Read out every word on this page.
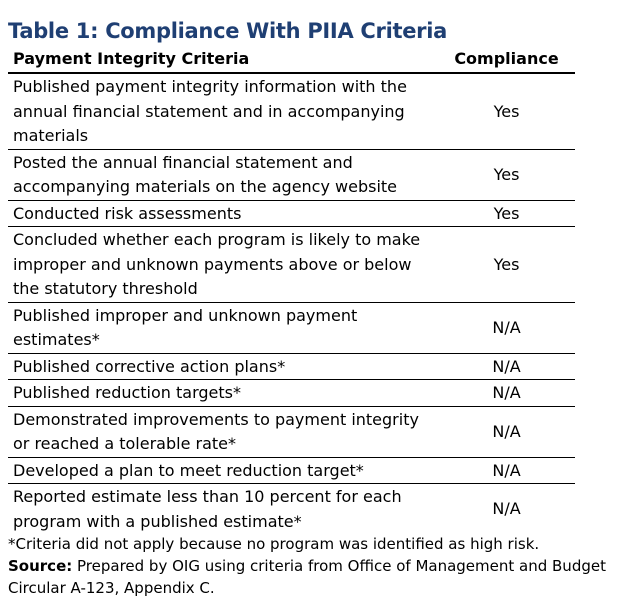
Table 1: Compliance With PIIA Criteria
Payment Integrity Criteria	Compliance
Published payment integrity information with the annual financial statement and in accompanying materials	Yes
Posted the annual financial statement and accompanying materials on the agency website	Yes
Conducted risk assessments	Yes
Concluded whether each program is likely to make improper and unknown payments above or below the statutory threshold	Yes
Published improper and unknown payment estimates*	N/A
Published corrective action plans*	N/A
Published reduction targets*	N/A
Demonstrated improvements to payment integrity or reached a tolerable rate*	N/A
Developed a plan to meet reduction target*	N/A
Reported estimate less than 10 percent for each program with a published estimate*	N/A
*Criteria did not apply because no program was identified as high risk.
Source: Prepared by OIG using criteria from Office of Management and Budget Circular A-123, Appendix C.
